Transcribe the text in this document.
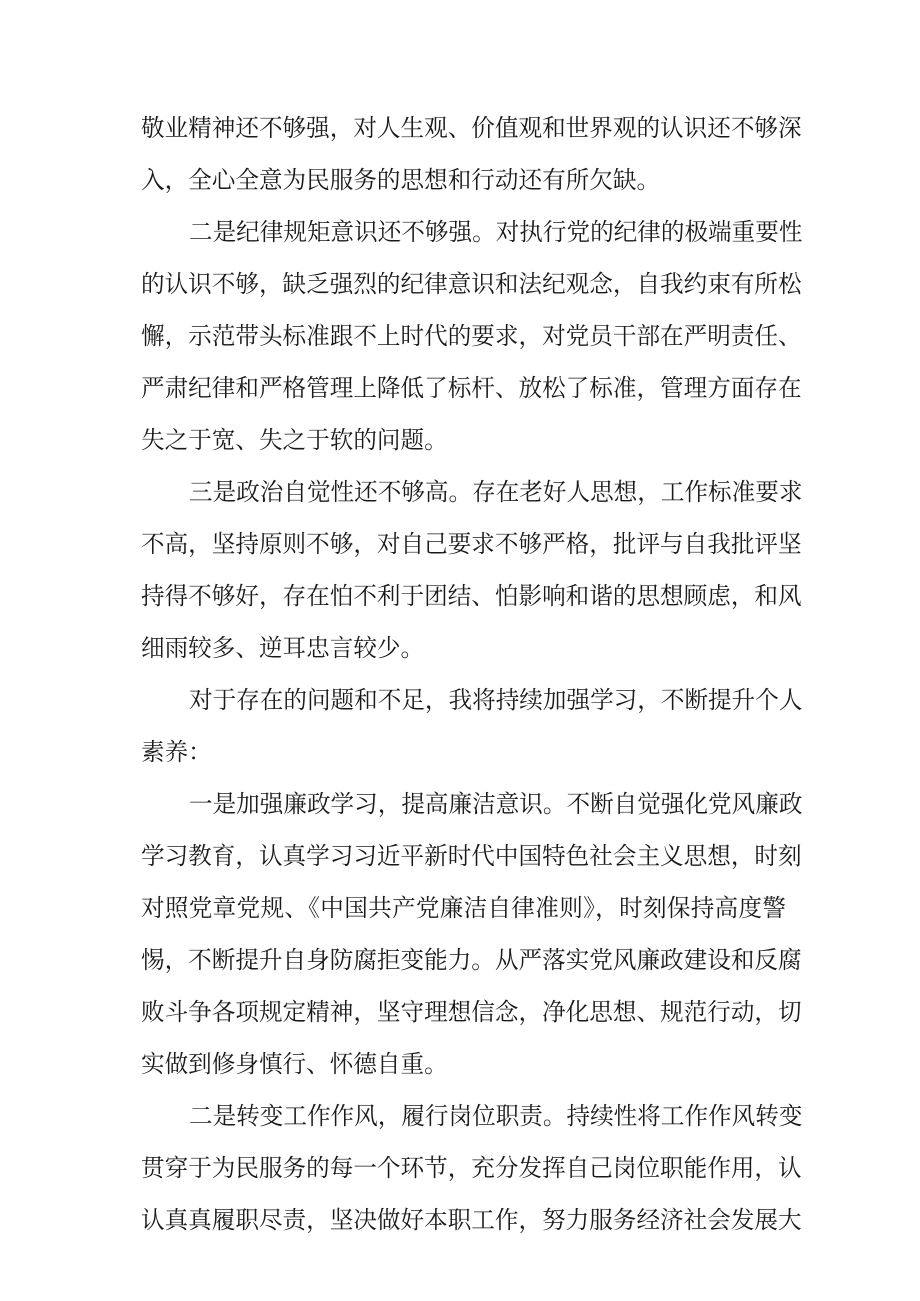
敬业精神还不够强，对人生观、价值观和世界观的认识还不够深
入，全心全意为民服务的思想和行动还有所欠缺。
二是纪律规矩意识还不够强。对执行党的纪律的极端重要性
的认识不够，缺乏强烈的纪律意识和法纪观念，自我约束有所松
懈，示范带头标准跟不上时代的要求，对党员干部在严明责任、
严肃纪律和严格管理上降低了标杆、放松了标准，管理方面存在
失之于宽、失之于软的问题。
三是政治自觉性还不够高。存在老好人思想，工作标准要求
不高，坚持原则不够，对自己要求不够严格，批评与自我批评坚
持得不够好，存在怕不利于团结、怕影响和谐的思想顾虑，和风
细雨较多、逆耳忠言较少。
对于存在的问题和不足，我将持续加强学习，不断提升个人
素养：
一是加强廉政学习，提高廉洁意识。不断自觉强化党风廉政
学习教育，认真学习习近平新时代中国特色社会主义思想，时刻
对照党章党规、《中国共产党廉洁自律准则》，时刻保持高度警
惕，不断提升自身防腐拒变能力。从严落实党风廉政建设和反腐
败斗争各项规定精神，坚守理想信念，净化思想、规范行动，切
实做到修身慎行、怀德自重。
二是转变工作作风，履行岗位职责。持续性将工作作风转变
贯穿于为民服务的每一个环节，充分发挥自己岗位职能作用，认
认真真履职尽责，坚决做好本职工作，努力服务经济社会发展大
